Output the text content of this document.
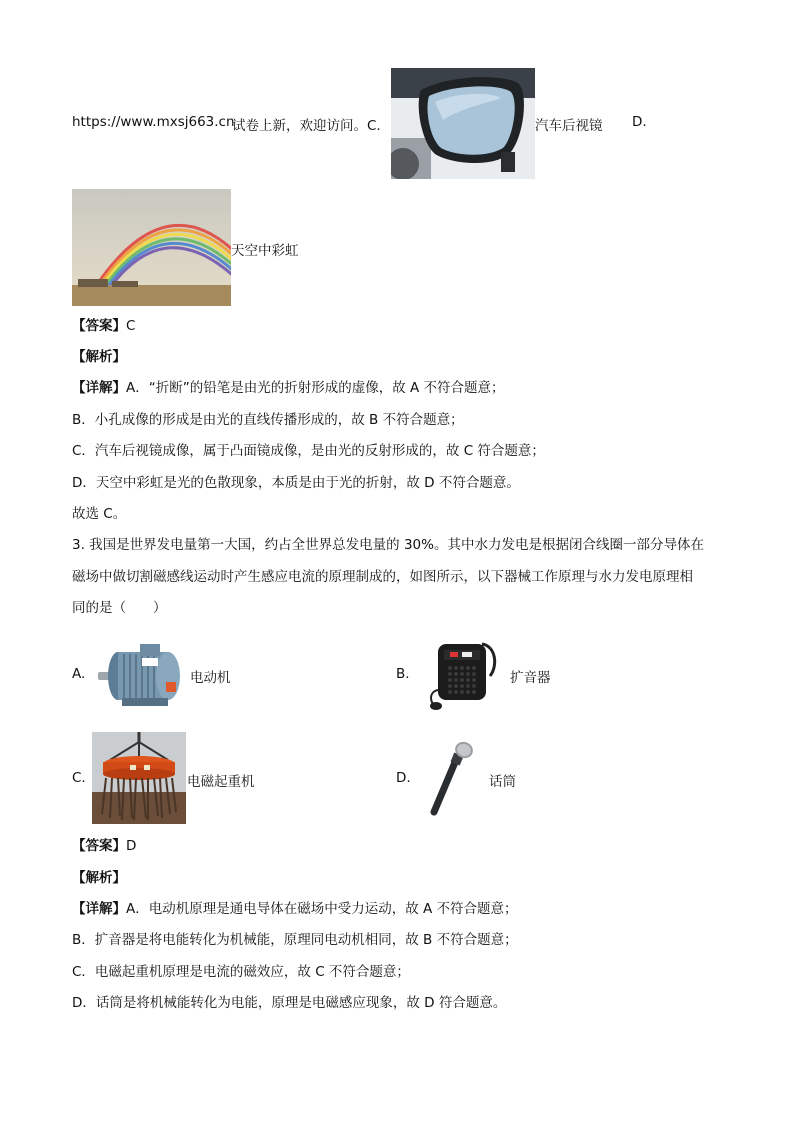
https://www.mxsj663.cn
试卷上新，欢迎访问。C.	汽车后视镜 D.
天空中彩虹
【答案】C
【解析】
【详解】A．“折断”的铅笔是由光的折射形成的虚像，故 A 不符合题意；
B．小孔成像的形成是由光的直线传播形成的，故 B 不符合题意；
C．汽车后视镜成像，属于凸面镜成像，是由光的反射形成的，故 C 符合题意；
D．天空中彩虹是光的色散现象，本质是由于光的折射，故 D 不符合题意。
故选 C。
3. 我国是世界发电量第一大国，约占全世界总发电量的 30%。其中水力发电是根据闭合线圈一部分导体在
磁场中做切割磁感线运动时产生感应电流的原理制成的，如图所示，以下器械工作原理与水力发电原理相
同的是（　　）
A.	电动机	B.	扩音器
C.	电磁起重机	D.	话筒
【答案】D
【解析】
【详解】A．电动机原理是通电导体在磁场中受力运动，故 A 不符合题意；
B．扩音器是将电能转化为机械能，原理同电动机相同，故 B 不符合题意；
C．电磁起重机原理是电流的磁效应，故 C 不符合题意；
D．话筒是将机械能转化为电能，原理是电磁感应现象，故 D 符合题意。
